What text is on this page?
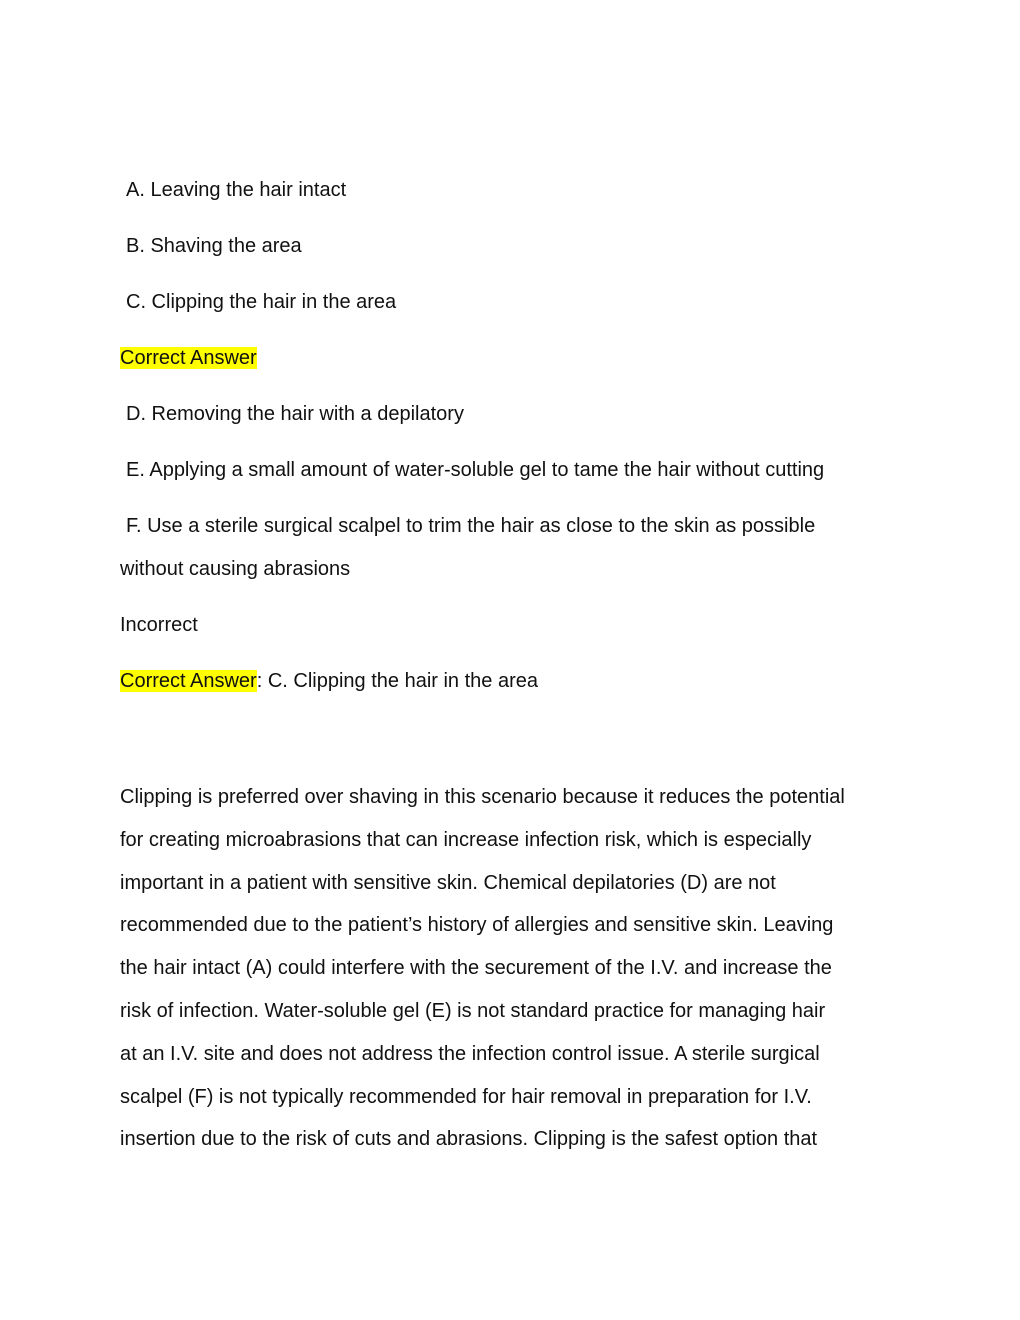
A. Leaving the hair intact
B. Shaving the area
C. Clipping the hair in the area
Correct Answer
D. Removing the hair with a depilatory
E. Applying a small amount of water-soluble gel to tame the hair without cutting
F. Use a sterile surgical scalpel to trim the hair as close to the skin as possible
without causing abrasions
Incorrect
Correct Answer: C. Clipping the hair in the area
Clipping is preferred over shaving in this scenario because it reduces the potential
for creating microabrasions that can increase infection risk, which is especially
important in a patient with sensitive skin. Chemical depilatories (D) are not
recommended due to the patient’s history of allergies and sensitive skin. Leaving
the hair intact (A) could interfere with the securement of the I.V. and increase the
risk of infection. Water-soluble gel (E) is not standard practice for managing hair
at an I.V. site and does not address the infection control issue. A sterile surgical
scalpel (F) is not typically recommended for hair removal in preparation for I.V.
insertion due to the risk of cuts and abrasions. Clipping is the safest option that
